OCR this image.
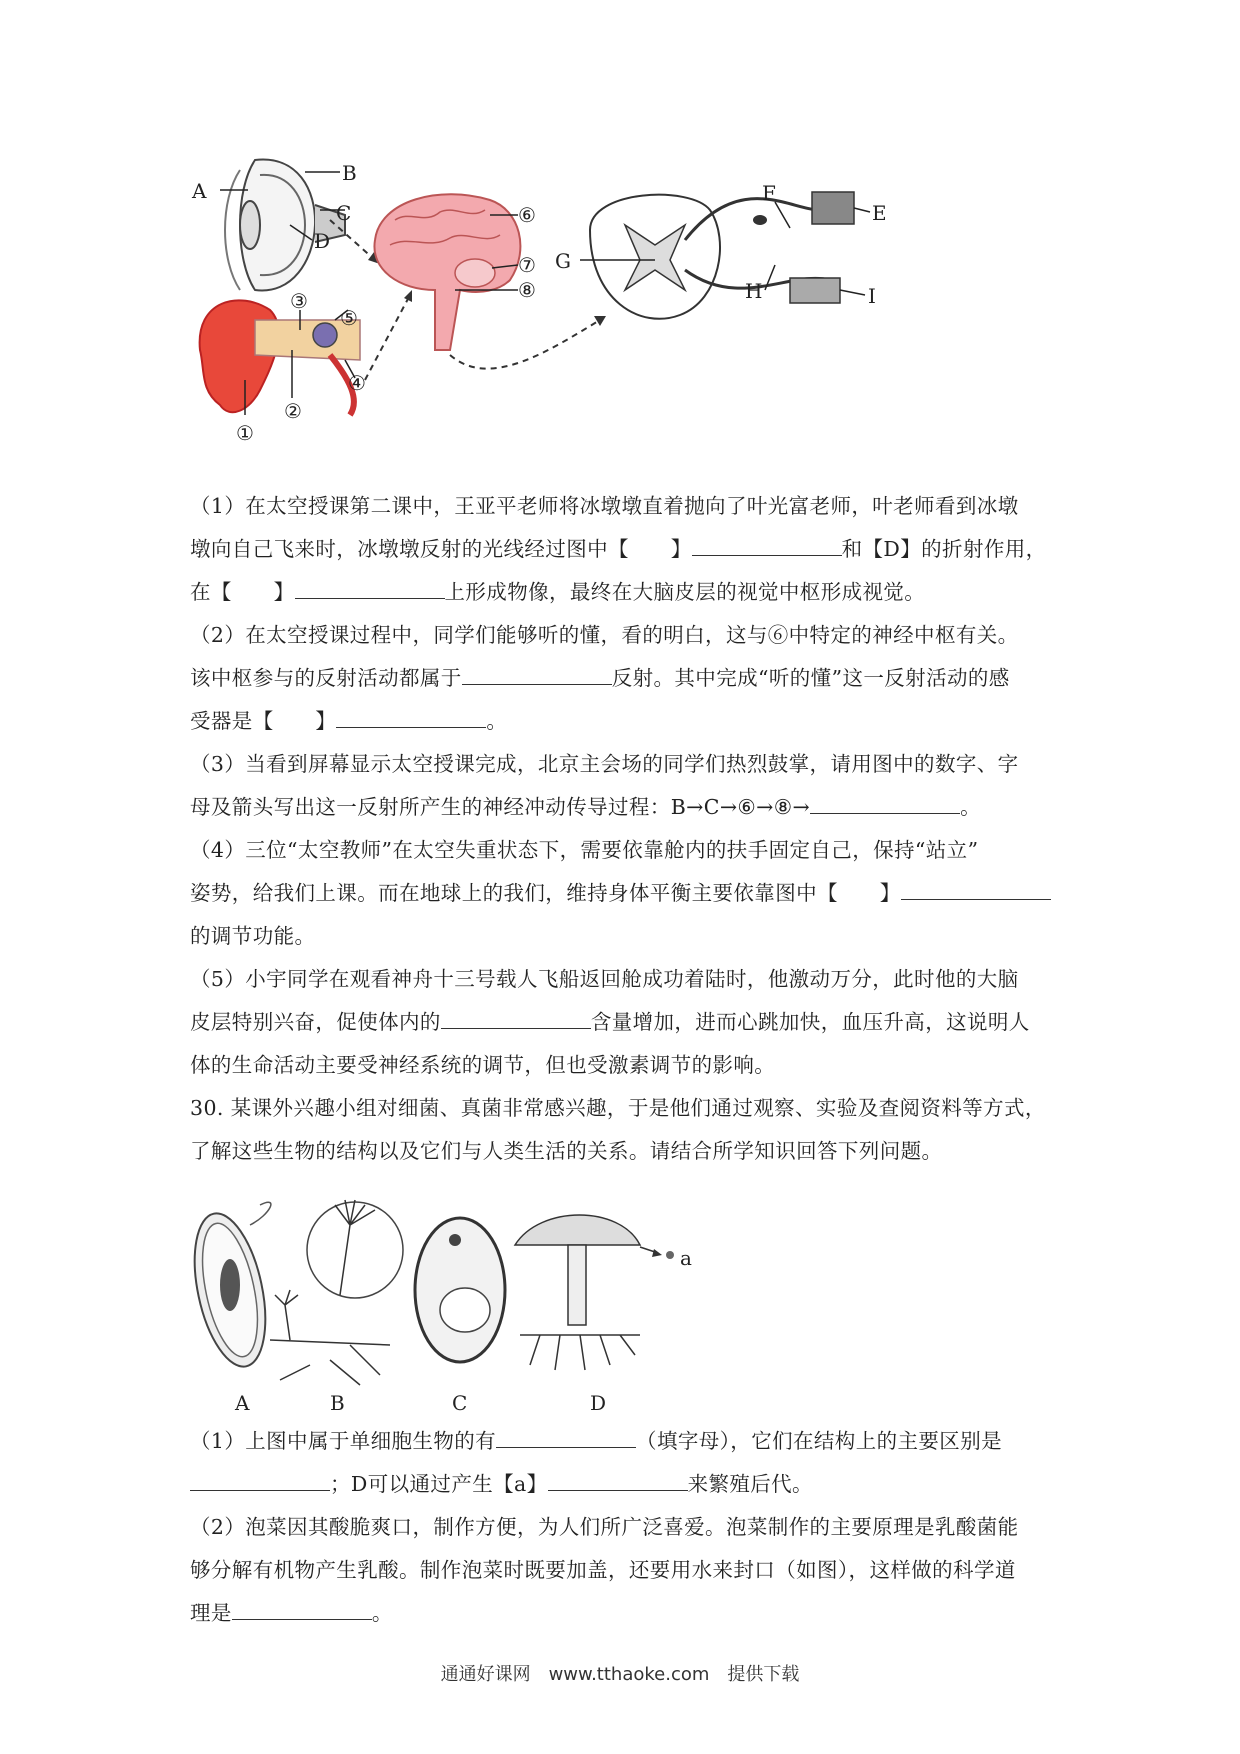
A
B
C
D
①
②
③
④
⑤
⑥
⑦
⑧
E
F
G
H	I

（1）在太空授课第二课中，王亚平老师将冰墩墩直着抛向了叶光富老师，叶老师看到冰墩

墩向自己飞来时，冰墩墩反射的光线经过图中【　　】	和【D】的折射作用，

在【　　】	上形成物像，最终在大脑皮层的视觉中枢形成视觉。

（2）在太空授课过程中，同学们能够听的懂，看的明白，这与⑥中特定的神经中枢有关。

该中枢参与的反射活动都属于	反射。其中完成“听的懂”这一反射活动的感

受器是【　　】	。

（3）当看到屏幕显示太空授课完成，北京主会场的同学们热烈鼓掌，请用图中的数字、字

母及箭头写出这一反射所产生的神经冲动传导过程：B→C→⑥→⑧→	。

（4）三位“太空教师”在太空失重状态下，需要依靠舱内的扶手固定自己，保持“站立”

姿势，给我们上课。而在地球上的我们，维持身体平衡主要依靠图中【　　】

的调节功能。

（5）小宇同学在观看神舟十三号载人飞船返回舱成功着陆时，他激动万分，此时他的大脑

皮层特别兴奋，促使体内的	含量增加，进而心跳加快，血压升高，这说明人

体的生命活动主要受神经系统的调节，但也受激素调节的影响。

30. 某课外兴趣小组对细菌、真菌非常感兴趣，于是他们通过观察、实验及查阅资料等方式，

了解这些生物的结构以及它们与人类生活的关系。请结合所学知识回答下列问题。

A	B	C
a
D

（1）上图中属于单细胞生物的有	（填字母），它们在结构上的主要区别是

；D可以通过产生【a】	来繁殖后代。

（2）泡菜因其酸脆爽口，制作方便，为人们所广泛喜爱。泡菜制作的主要原理是乳酸菌能

够分解有机物产生乳酸。制作泡菜时既要加盖，还要用水来封口（如图），这样做的科学道

理是	。

通通好课网　www.tthaoke.com　提供下载
